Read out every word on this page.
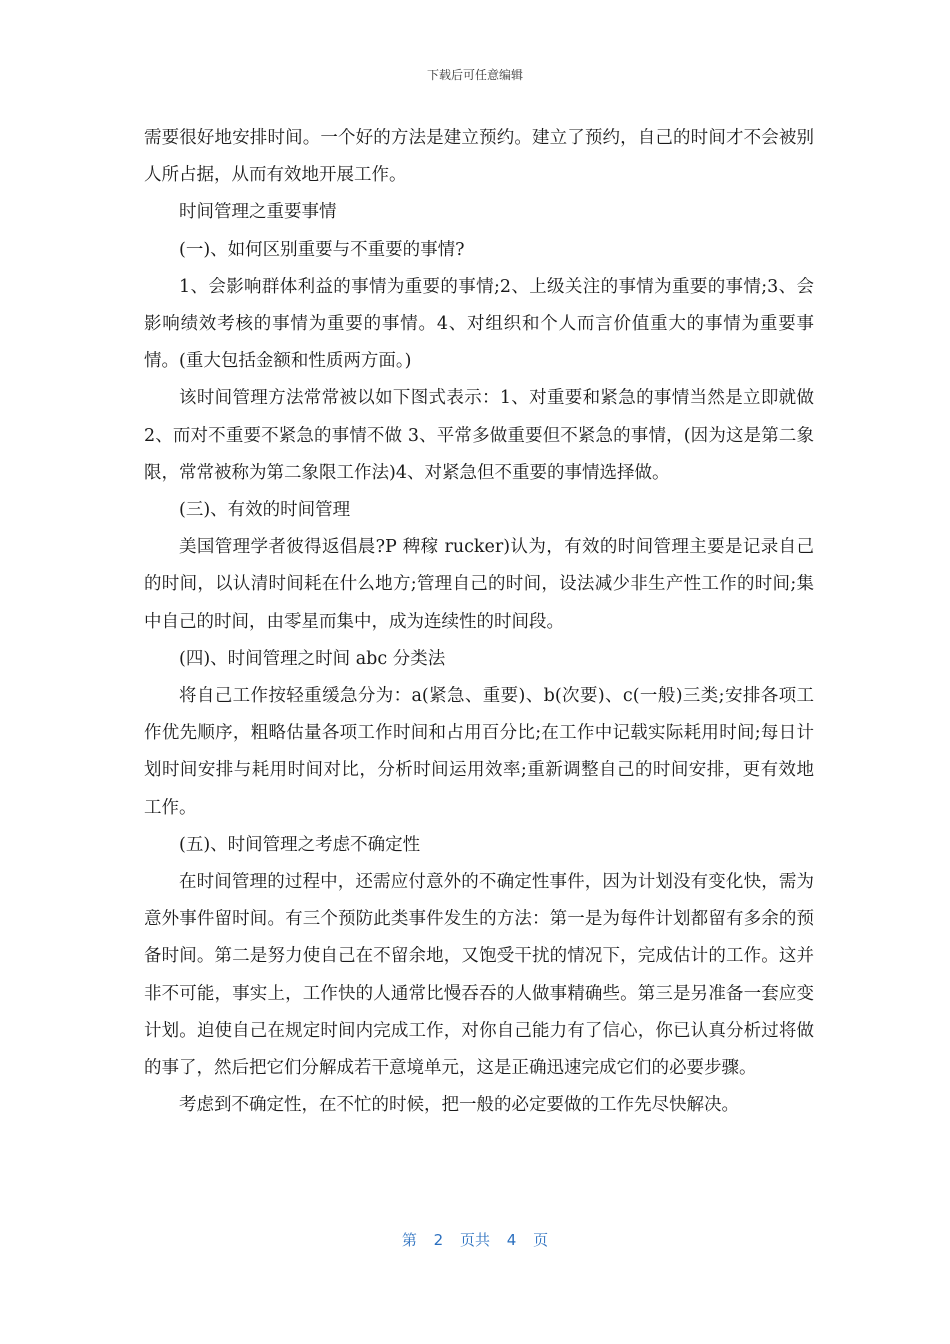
下载后可任意编辑

需要很好地安排时间。一个好的方法是建立预约。建立了预约，自己的时间才不会被别人所占据，从而有效地开展工作。

时间管理之重要事情

(一)、如何区别重要与不重要的事情?

1、会影响群体利益的事情为重要的事情;2、上级关注的事情为重要的事情;3、会影响绩效考核的事情为重要的事情。4、对组织和个人而言价值重大的事情为重要事情。(重大包括金额和性质两方面。)

该时间管理方法常常被以如下图式表示：1、对重要和紧急的事情当然是立即就做 2、而对不重要不紧急的事情不做 3、平常多做重要但不紧急的事情，(因为这是第二象限，常常被称为第二象限工作法)4、对紧急但不重要的事情选择做。

(三)、有效的时间管理

美国管理学者彼得返倡晨?P 稗稼 rucker)认为，有效的时间管理主要是记录自己的时间，以认清时间耗在什么地方;管理自己的时间，设法减少非生产性工作的时间;集中自己的时间，由零星而集中，成为连续性的时间段。

(四)、时间管理之时间 abc 分类法

将自己工作按轻重缓急分为：a(紧急、重要)、b(次要)、c(一般)三类;安排各项工作优先顺序，粗略估量各项工作时间和占用百分比;在工作中记载实际耗用时间;每日计划时间安排与耗用时间对比，分析时间运用效率;重新调整自己的时间安排，更有效地工作。

(五)、时间管理之考虑不确定性

在时间管理的过程中，还需应付意外的不确定性事件，因为计划没有变化快，需为意外事件留时间。有三个预防此类事件发生的方法：第一是为每件计划都留有多余的预备时间。第二是努力使自己在不留余地，又饱受干扰的情况下，完成估计的工作。这并非不可能，事实上，工作快的人通常比慢吞吞的人做事精确些。第三是另准备一套应变计划。迫使自己在规定时间内完成工作，对你自己能力有了信心，你已认真分析过将做的事了，然后把它们分解成若干意境单元，这是正确迅速完成它们的必要步骤。

考虑到不确定性，在不忙的时候，把一般的必定要做的工作先尽快解决。

第 2 页共 4 页
